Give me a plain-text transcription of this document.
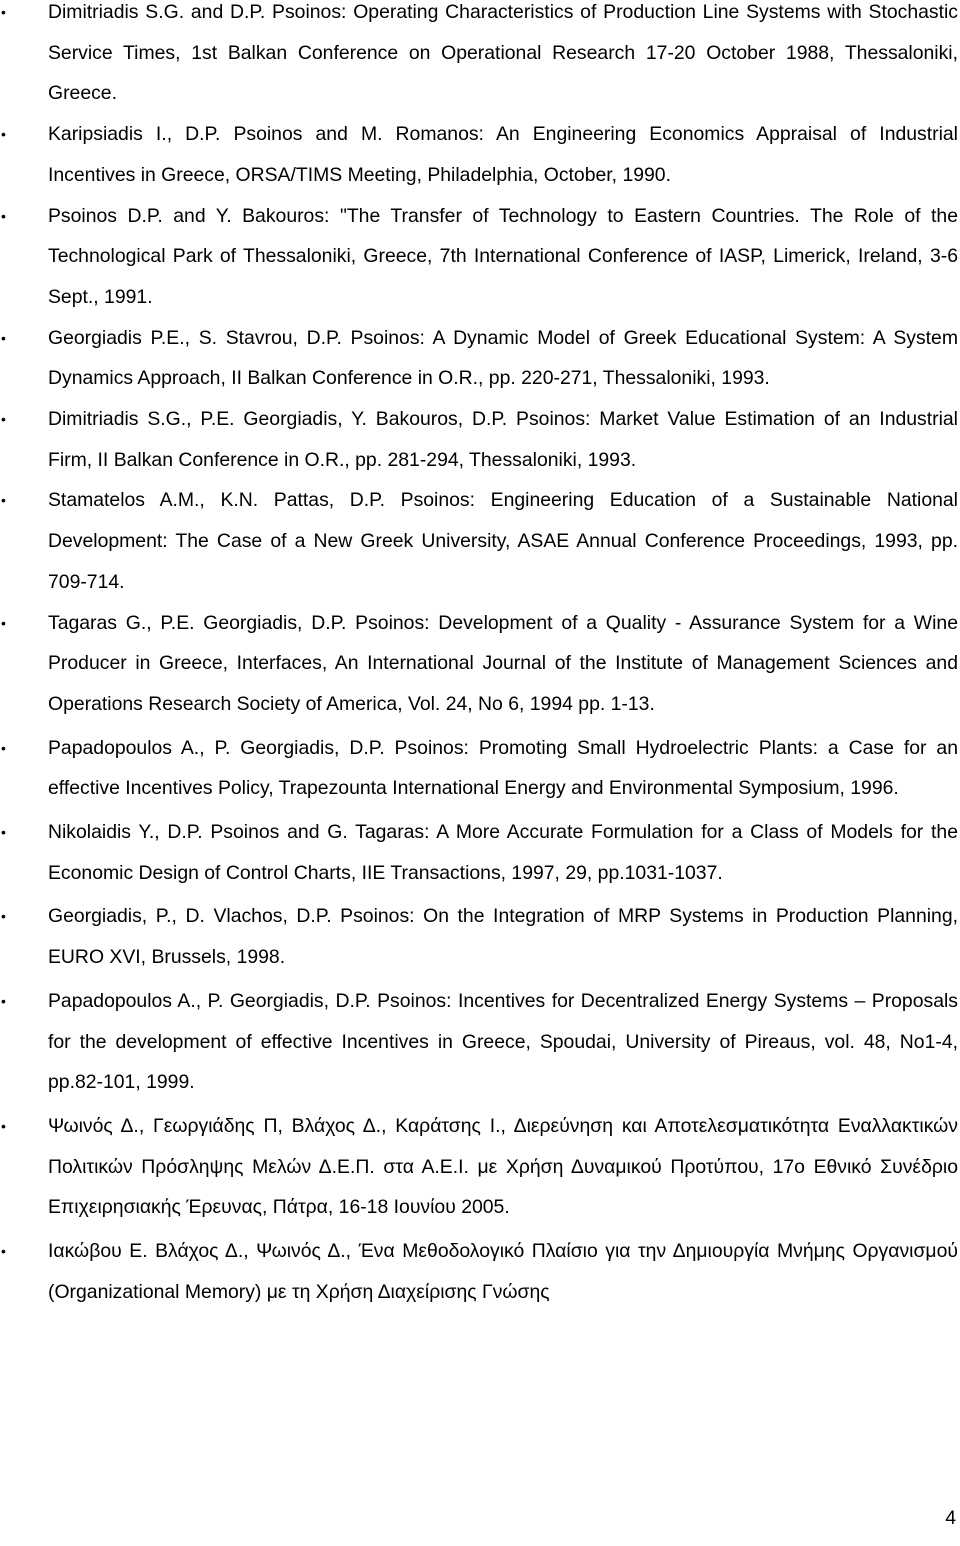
•	Dimitriadis S.G. and D.P. Psoinos: Operating Characteristics of Production Line Systems with Stochastic Service Times, 1st Balkan Conference on Operational Research 17-20 October 1988, Thessaloniki, Greece.
•	Karipsiadis I., D.P. Psoinos and M. Romanos: An Engineering Economics Appraisal of Industrial Incentives in Greece, ORSA/TIMS Meeting, Philadelphia, October, 1990.
•	Psoinos D.P. and Y. Bakouros: "The Transfer of Technology to Eastern Countries. The Role of the Technological Park of Thessaloniki, Greece, 7th International Conference of IASP, Limerick, Ireland, 3-6 Sept., 1991.
•	Georgiadis P.E., S. Stavrou, D.P. Psoinos: A Dynamic Model of Greek Educational System: A System Dynamics Approach, II Balkan Conference in O.R., pp. 220-271, Thessaloniki, 1993.
•	Dimitriadis S.G., P.E. Georgiadis, Y. Bakouros, D.P. Psoinos: Market Value Estimation of an Industrial Firm, II Balkan Conference in O.R., pp. 281-294, Thessaloniki, 1993.
•	Stamatelos A.M., K.N. Pattas, D.P. Psoinos: Engineering Education of a Sustainable National Development: The Case of a New Greek University, ASAE Annual Conference Proceedings, 1993, pp. 709-714.
•	Tagaras G., P.E. Georgiadis, D.P. Psoinos: Development of a Quality - Assurance System for a Wine Producer in Greece, Interfaces, An International Journal of the Institute of Management Sciences and Operations Research Society of America, Vol. 24, No 6, 1994 pp. 1-13.
•	Papadopoulos A., P. Georgiadis, D.P. Psoinos: Promoting Small Hydroelectric Plants: a Case for an effective Incentives Policy, Trapezounta International Energy and Environmental Symposium, 1996.
•	Nikolaidis Y., D.P. Psoinos and G. Tagaras: A More Accurate Formulation for a Class of Models for the Economic Design of Control Charts, IIE Transactions, 1997, 29, pp.1031-1037.
•	Georgiadis, P., D. Vlachos, D.P. Psoinos: On the Integration of MRP Systems in Production Planning, EURO XVI, Brussels, 1998.
•	Papadopoulos A., P. Georgiadis, D.P. Psoinos: Incentives for Decentralized Energy Systems – Proposals for the development of effective Incentives in Greece, Spoudai, University of Pireaus, vol. 48, No1-4, pp.82-101, 1999.
•	Ψωινός Δ., Γεωργιάδης Π, Βλάχος Δ., Καράτσης Ι., Διερεύνηση και Αποτελεσματικότητα Εναλλακτικών Πολιτικών Πρόσληψης Μελών Δ.Ε.Π. στα Α.Ε.Ι. με Χρήση Δυναμικού Προτύπου, 17ο Εθνικό Συνέδριο Επιχειρησιακής Έρευνας, Πάτρα, 16-18 Ιουνίου 2005.
•	Ιακώβου Ε. Βλάχος Δ., Ψωινός Δ., Ένα Μεθοδολογικό Πλαίσιο για την Δημιουργία Μνήμης Οργανισμού (Organizational Memory) με τη Χρήση Διαχείρισης Γνώσης
4
